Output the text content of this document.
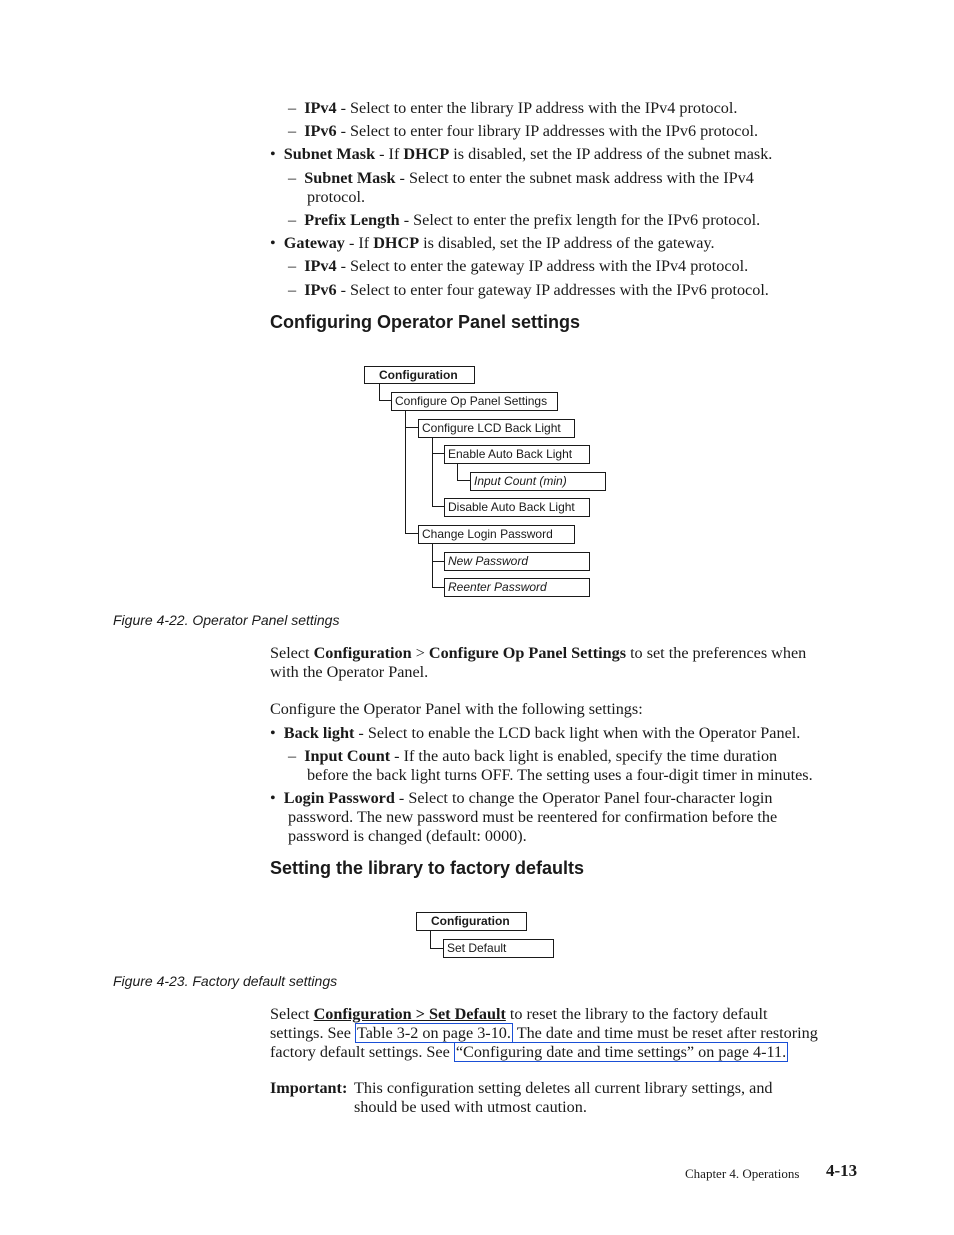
–  IPv4 - Select to enter the library IP address with the IPv4 protocol.
–  IPv6 - Select to enter four library IP addresses with the IPv6 protocol.
•  Subnet Mask - If DHCP is disabled, set the IP address of the subnet mask.
–  Subnet Mask - Select to enter the subnet mask address with the IPv4
protocol.
–  Prefix Length - Select to enter the prefix length for the IPv6 protocol.
•  Gateway - If DHCP is disabled, set the IP address of the gateway.
–  IPv4 - Select to enter the gateway IP address with the IPv4 protocol.
–  IPv6 - Select to enter four gateway IP addresses with the IPv6 protocol.
Configuring Operator Panel settings
Configuration
Configure Op Panel Settings
Configure LCD Back Light
Enable Auto Back Light
Input Count (min)
Disable Auto Back Light
Change Login Password
New Password
Reenter Password
Figure 4-22. Operator Panel settings
Select Configuration > Configure Op Panel Settings to set the preferences when
with the Operator Panel.
Configure the Operator Panel with the following settings:
•  Back light - Select to enable the LCD back light when with the Operator Panel.
–  Input Count - If the auto back light is enabled, specify the time duration
before the back light turns OFF. The setting uses a four-digit timer in minutes.
•  Login Password - Select to change the Operator Panel four-character login
password. The new password must be reentered for confirmation before the
password is changed (default: 0000).
Setting the library to factory defaults
Configuration
Set Default
Figure 4-23. Factory default settings
Select Configuration > Set Default to reset the library to the factory default
settings. See Table 3-2 on page 3-10. The date and time must be reset after restoring
factory default settings. See “Configuring date and time settings” on page 4-11.
Important: This configuration setting deletes all current library settings, and
should be used with utmost caution.
Chapter 4. Operations 4-13
